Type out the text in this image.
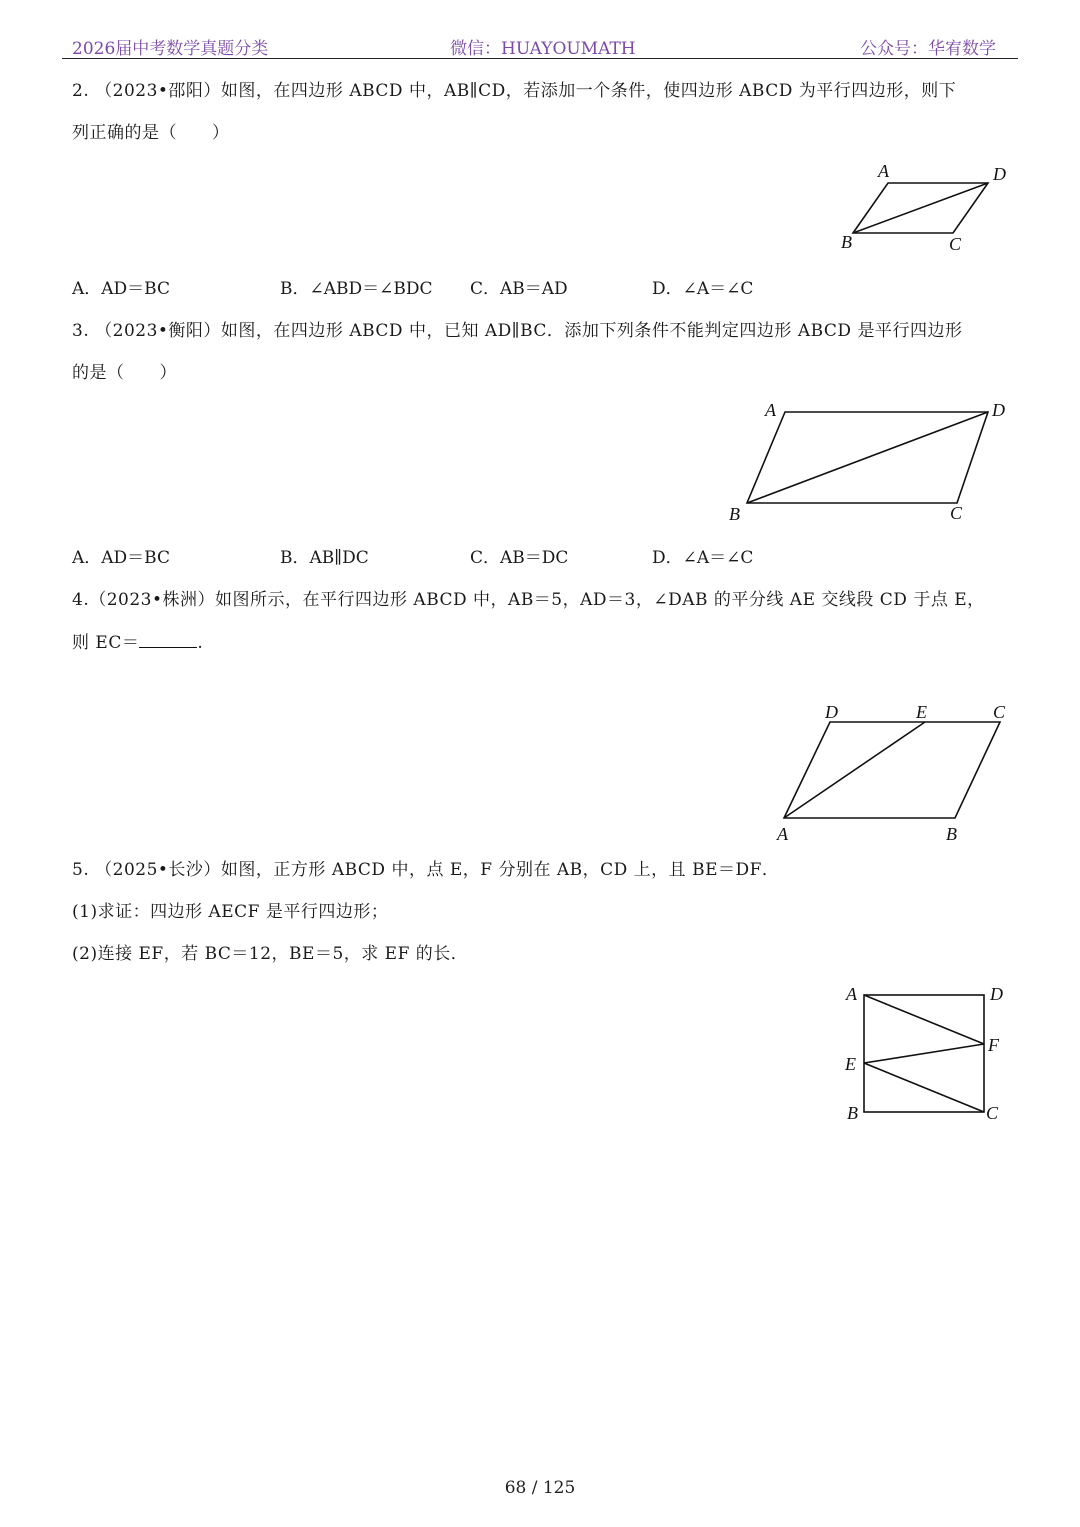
2026届中考数学真题分类	微信：HUAYOUMATH	公众号：华宥数学
2. （2023•邵阳）如图，在四边形 ABCD 中，AB∥CD，若添加一个条件，使四边形 ABCD 为平行四边形，则下
列正确的是（　　）
A	D
B	C
A．AD＝BC	B．∠ABD＝∠BDC C．AB＝AD	D．∠A＝∠C
3. （2023•衡阳）如图，在四边形 ABCD 中，已知 AD∥BC．添加下列条件不能判定四边形 ABCD 是平行四边形
的是（　　）
A	D
B	C
A．AD＝BC	B．AB∥DC	C．AB＝DC	D．∠A＝∠C
4.（2023•株洲）如图所示，在平行四边形 ABCD 中，AB＝5，AD＝3，∠DAB 的平分线 AE 交线段 CD 于点 E，
则 EC＝	.
D	E	C
A	B
5. （2025•长沙）如图，正方形 ABCD 中，点 E，F 分别在 AB，CD 上，且 BE＝DF．
(1)求证：四边形 AECF 是平行四边形；
(2)连接 EF，若 BC＝12，BE＝5，求 EF 的长．
A	D
F
E
B	C
68 / 125
